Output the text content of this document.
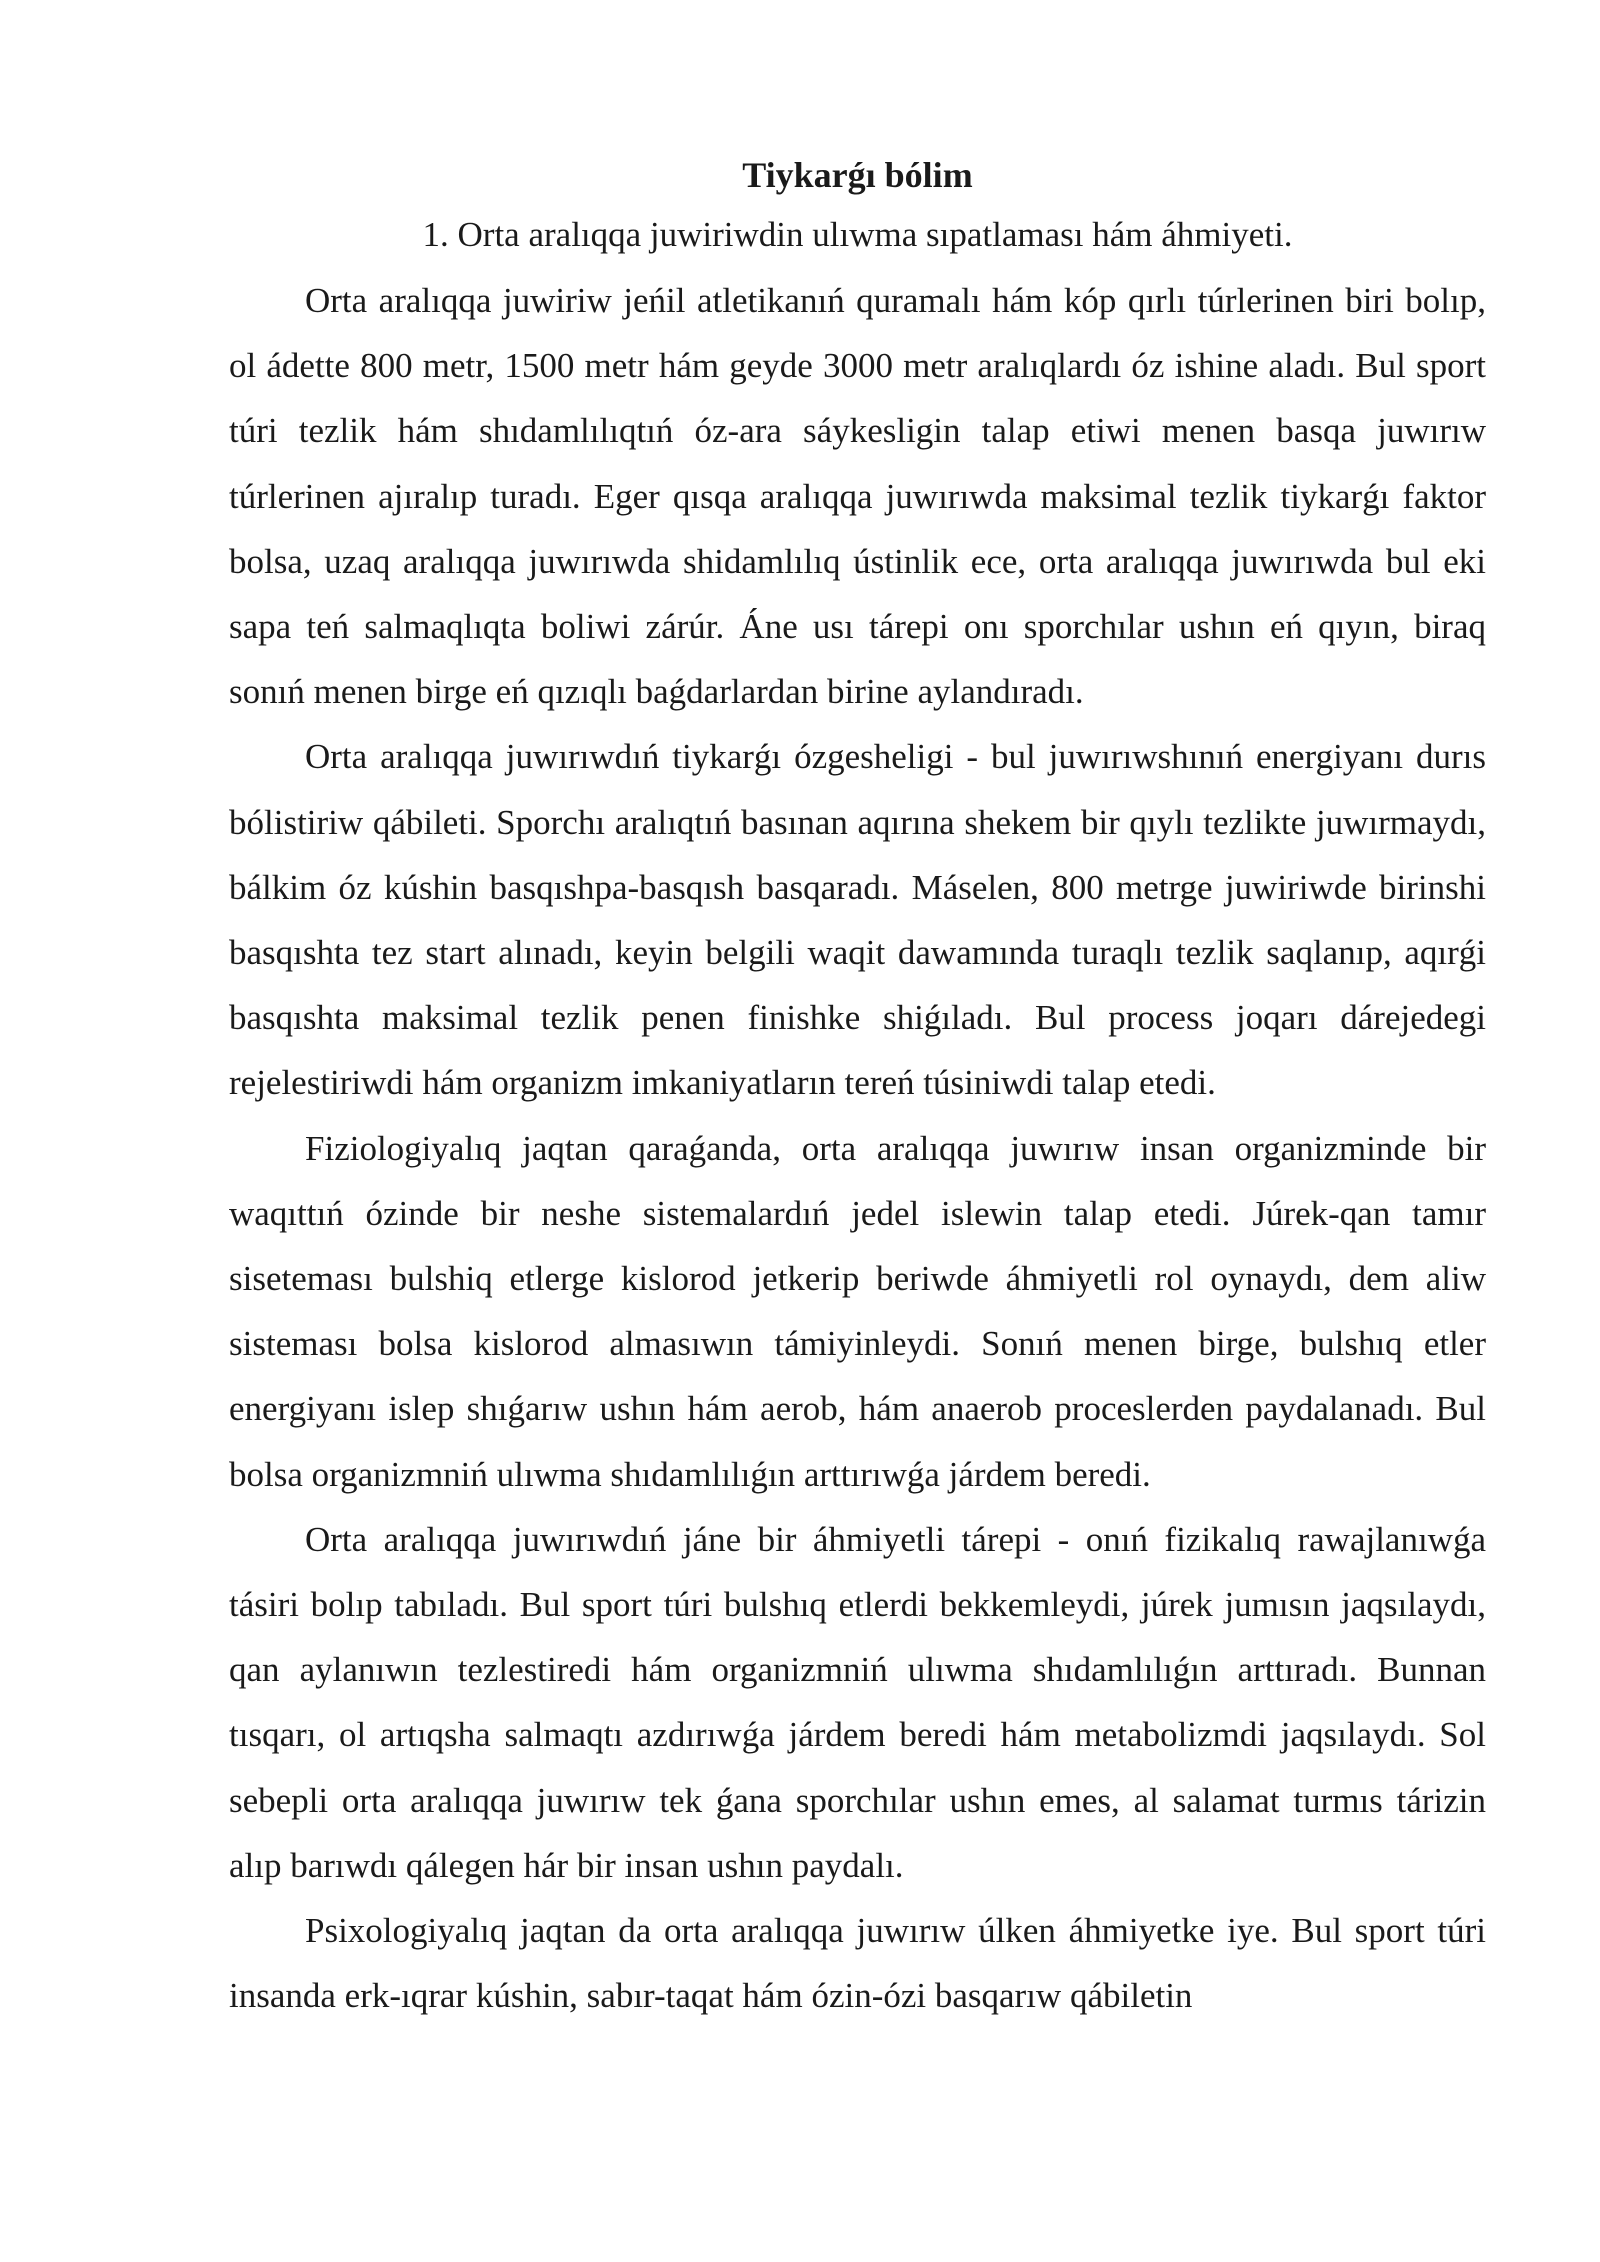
Tiykarǵı bólim

1. Orta aralıqqa juwiriwdin ulıwma sıpatlaması hám áhmiyeti.

Orta aralıqqa juwiriw jeńil atletikanıń quramalı hám kóp qırlı túrlerinen biri bolıp, ol ádette 800 metr, 1500 metr hám geyde 3000 metr aralıqlardı óz ishine aladı. Bul sport túri tezlik hám shıdamlılıqtıń óz-ara sáykesligin talap etiwi menen basqa juwırıw túrlerinen ajıralıp turadı. Eger qısqa aralıqqa juwırıwda maksimal tezlik tiykarǵı faktor bolsa, uzaq aralıqqa juwırıwda shidamlılıq ústinlik ece, orta aralıqqa juwırıwda bul eki sapa teń salmaqlıqta boliwi zárúr. Áne usı tárepi onı sporchılar ushın eń qıyın, biraq sonıń menen birge eń qızıqlı baǵdarlardan birine aylandıradı.

Orta aralıqqa juwırıwdıń tiykarǵı ózgesheligi - bul juwırıwshınıń energiyanı durıs bólistiriw qábileti. Sporchı aralıqtıń basınan aqırına shekem bir qıylı tezlikte juwırmaydı, bálkim óz kúshin basqıshpa-basqısh basqaradı. Máselen, 800 metrge juwiriwde birinshi basqıshta tez start alınadı, keyin belgili waqit dawamında turaqlı tezlik saqlanıp, aqırǵi basqıshta maksimal tezlik penen finishke shiǵıladı. Bul process joqarı dárejedegi rejelestiriwdi hám organizm imkaniyatların tereń túsiniwdi talap etedi.

Fiziologiyalıq jaqtan qaraǵanda, orta aralıqqa juwırıw insan organizminde bir waqıttıń ózinde bir neshe sistemalardıń jedel islewin talap etedi. Júrek-qan tamır siseteması bulshiq etlerge kislorod jetkerip beriwde áhmiyetli rol oynaydı, dem aliw sisteması bolsa kislorod almasıwın támiyinleydi. Sonıń menen birge, bulshıq etler energiyanı islep shıǵarıw ushın hám aerob, hám anaerob proceslerden paydalanadı. Bul bolsa organizmniń ulıwma shıdamlılıǵın arttırıwǵa járdem beredi.

Orta aralıqqa juwırıwdıń jáne bir áhmiyetli tárepi - onıń fizikalıq rawajlanıwǵa tásiri bolıp tabıladı. Bul sport túri bulshıq etlerdi bekkemleydi, júrek jumısın jaqsılaydı, qan aylanıwın tezlestiredi hám organizmniń ulıwma shıdamlılıǵın arttıradı. Bunnan tısqarı, ol artıqsha salmaqtı azdırıwǵa járdem beredi hám metabolizmdi jaqsılaydı. Sol sebepli orta aralıqqa juwırıw tek ǵana sporchılar ushın emes, al salamat turmıs tárizin alıp barıwdı qálegen hár bir insan ushın paydalı.

Psixologiyalıq jaqtan da orta aralıqqa juwırıw úlken áhmiyetke iye. Bul sport túri insanda erk-ıqrar kúshin, sabır-taqat hám ózin-ózi basqarıw qábiletin
